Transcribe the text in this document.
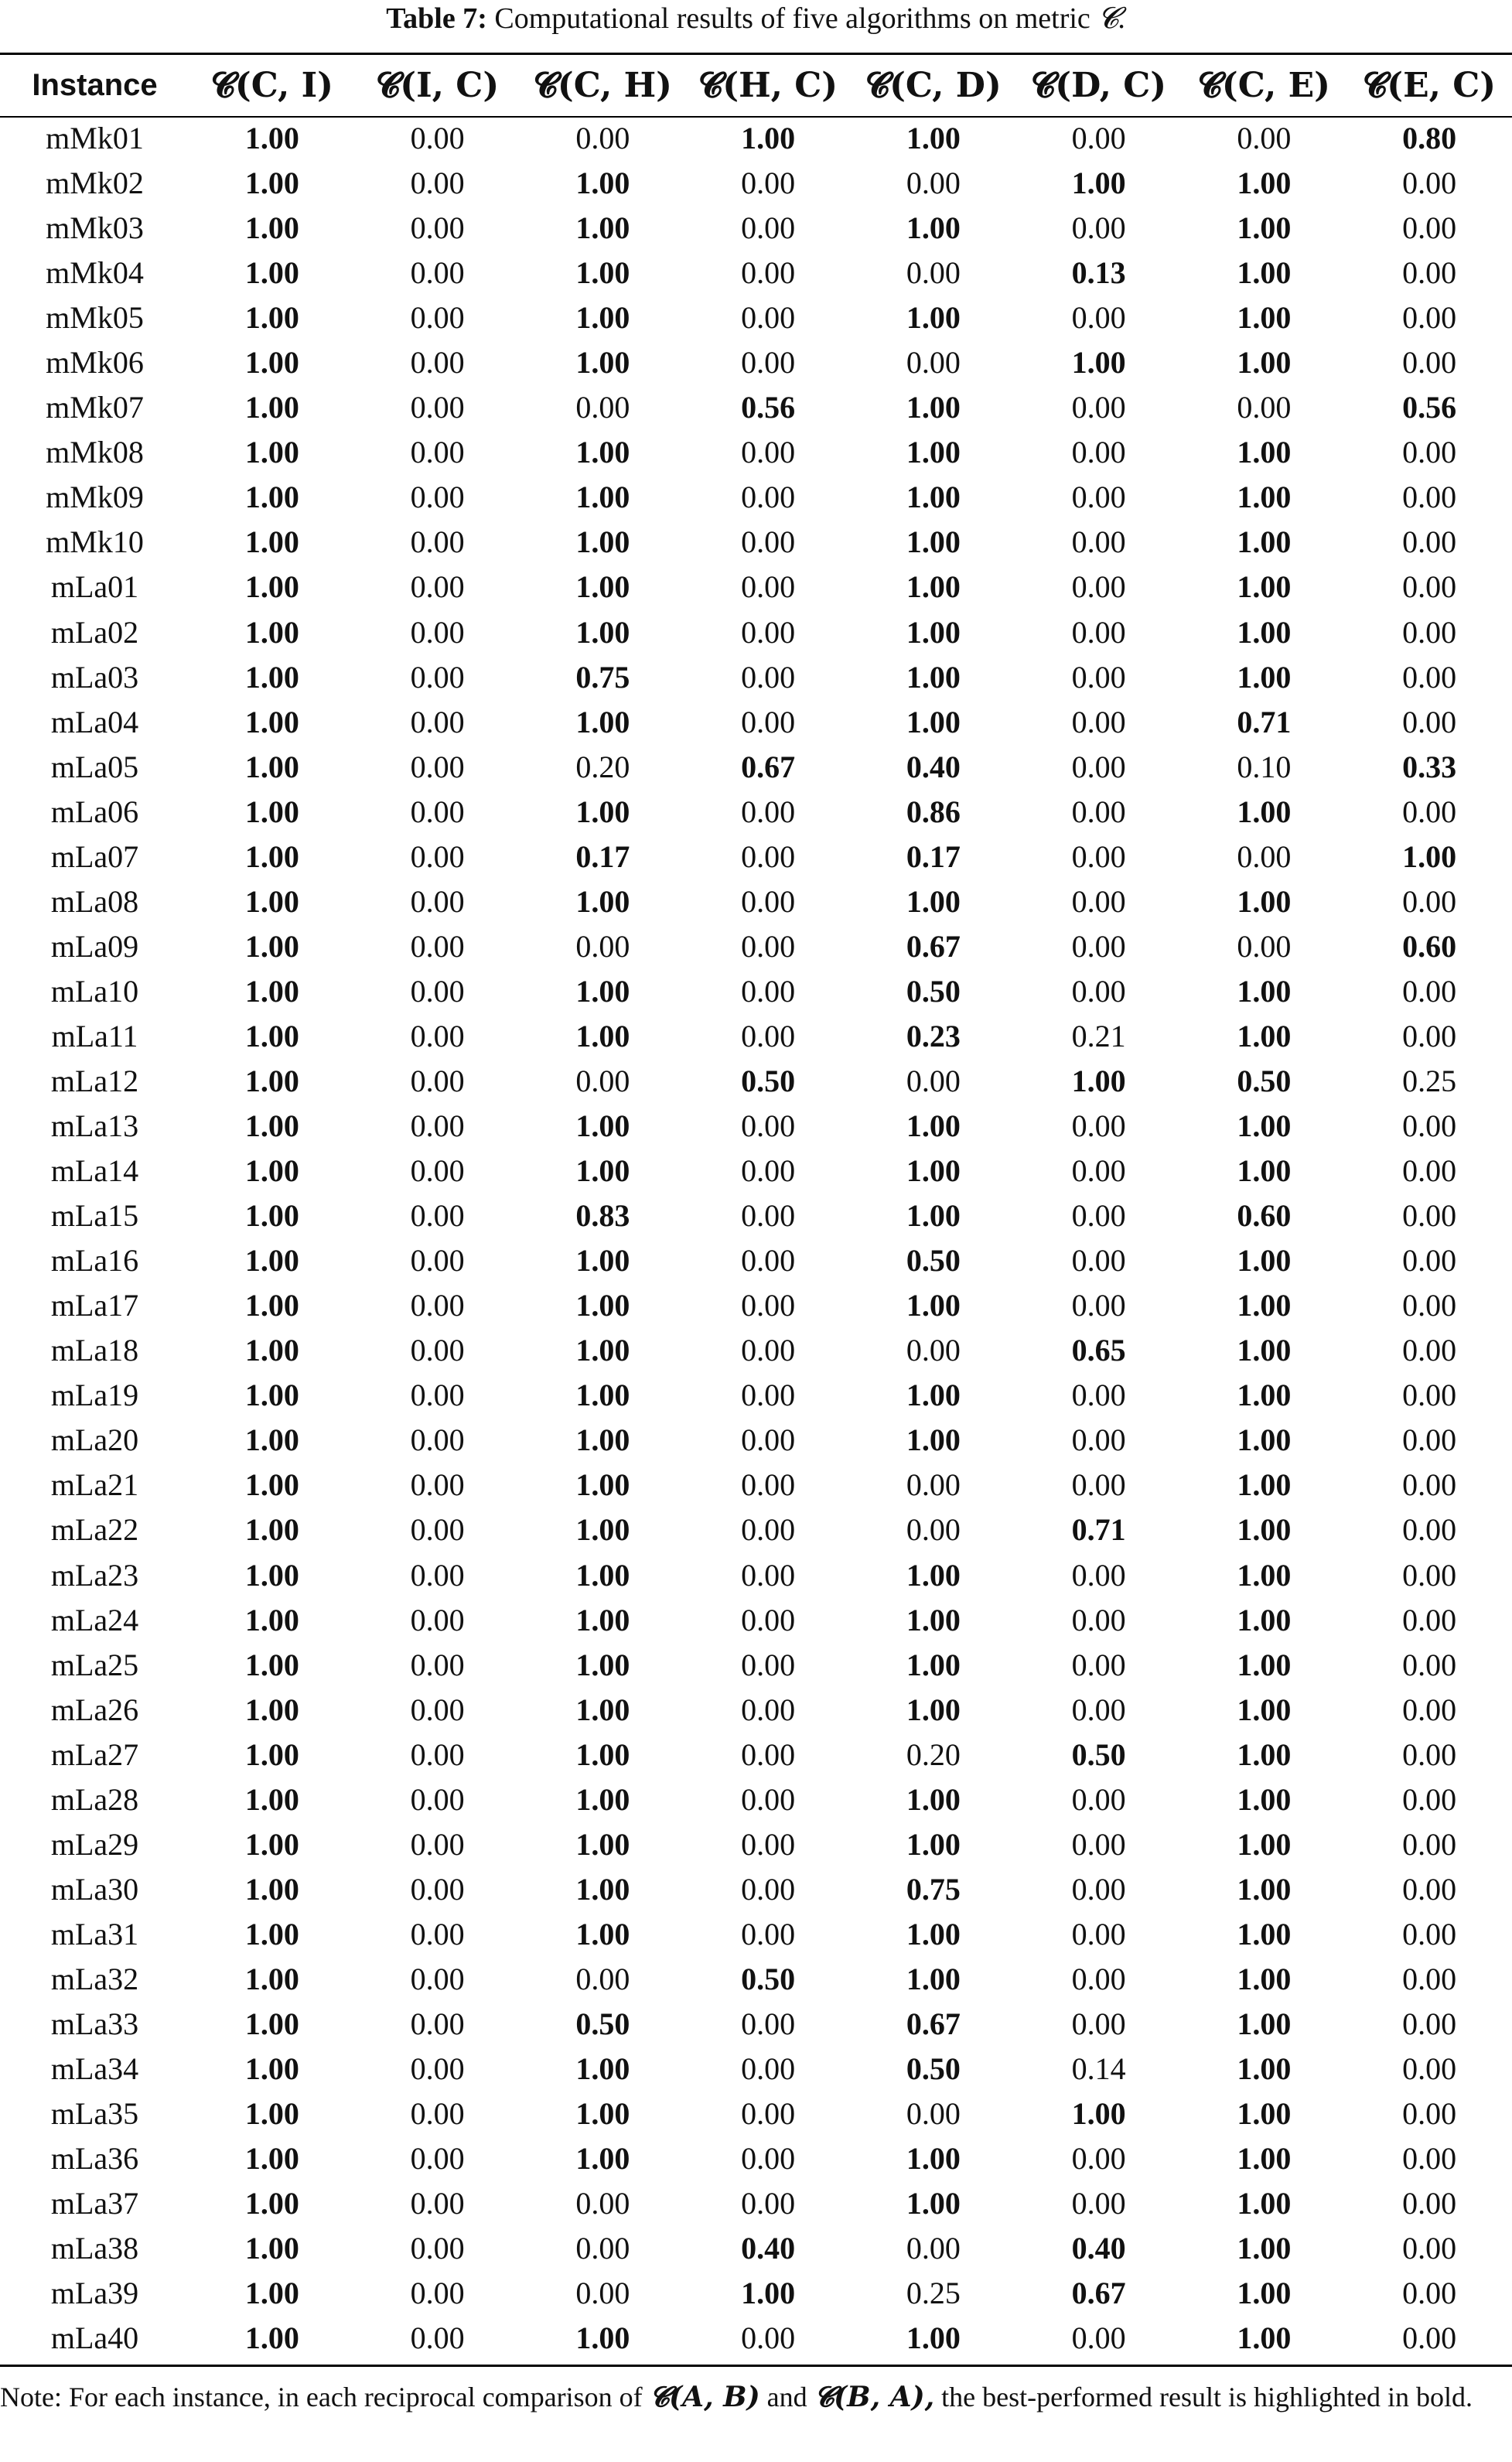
Table 7: Computational results of five algorithms on metric 𝓒.
Instance	𝓒(C, I)	𝓒(I, C)	𝓒(C, H)	𝓒(H, C)	𝓒(C, D)	𝓒(D, C)	𝓒(C, E)	𝓒(E, C)
mMk01	1.00	0.00	0.00	1.00	1.00	0.00	0.00	0.80
mMk02	1.00	0.00	1.00	0.00	0.00	1.00	1.00	0.00
mMk03	1.00	0.00	1.00	0.00	1.00	0.00	1.00	0.00
mMk04	1.00	0.00	1.00	0.00	0.00	0.13	1.00	0.00
mMk05	1.00	0.00	1.00	0.00	1.00	0.00	1.00	0.00
mMk06	1.00	0.00	1.00	0.00	0.00	1.00	1.00	0.00
mMk07	1.00	0.00	0.00	0.56	1.00	0.00	0.00	0.56
mMk08	1.00	0.00	1.00	0.00	1.00	0.00	1.00	0.00
mMk09	1.00	0.00	1.00	0.00	1.00	0.00	1.00	0.00
mMk10	1.00	0.00	1.00	0.00	1.00	0.00	1.00	0.00
mLa01	1.00	0.00	1.00	0.00	1.00	0.00	1.00	0.00
mLa02	1.00	0.00	1.00	0.00	1.00	0.00	1.00	0.00
mLa03	1.00	0.00	0.75	0.00	1.00	0.00	1.00	0.00
mLa04	1.00	0.00	1.00	0.00	1.00	0.00	0.71	0.00
mLa05	1.00	0.00	0.20	0.67	0.40	0.00	0.10	0.33
mLa06	1.00	0.00	1.00	0.00	0.86	0.00	1.00	0.00
mLa07	1.00	0.00	0.17	0.00	0.17	0.00	0.00	1.00
mLa08	1.00	0.00	1.00	0.00	1.00	0.00	1.00	0.00
mLa09	1.00	0.00	0.00	0.00	0.67	0.00	0.00	0.60
mLa10	1.00	0.00	1.00	0.00	0.50	0.00	1.00	0.00
mLa11	1.00	0.00	1.00	0.00	0.23	0.21	1.00	0.00
mLa12	1.00	0.00	0.00	0.50	0.00	1.00	0.50	0.25
mLa13	1.00	0.00	1.00	0.00	1.00	0.00	1.00	0.00
mLa14	1.00	0.00	1.00	0.00	1.00	0.00	1.00	0.00
mLa15	1.00	0.00	0.83	0.00	1.00	0.00	0.60	0.00
mLa16	1.00	0.00	1.00	0.00	0.50	0.00	1.00	0.00
mLa17	1.00	0.00	1.00	0.00	1.00	0.00	1.00	0.00
mLa18	1.00	0.00	1.00	0.00	0.00	0.65	1.00	0.00
mLa19	1.00	0.00	1.00	0.00	1.00	0.00	1.00	0.00
mLa20	1.00	0.00	1.00	0.00	1.00	0.00	1.00	0.00
mLa21	1.00	0.00	1.00	0.00	0.00	0.00	1.00	0.00
mLa22	1.00	0.00	1.00	0.00	0.00	0.71	1.00	0.00
mLa23	1.00	0.00	1.00	0.00	1.00	0.00	1.00	0.00
mLa24	1.00	0.00	1.00	0.00	1.00	0.00	1.00	0.00
mLa25	1.00	0.00	1.00	0.00	1.00	0.00	1.00	0.00
mLa26	1.00	0.00	1.00	0.00	1.00	0.00	1.00	0.00
mLa27	1.00	0.00	1.00	0.00	0.20	0.50	1.00	0.00
mLa28	1.00	0.00	1.00	0.00	1.00	0.00	1.00	0.00
mLa29	1.00	0.00	1.00	0.00	1.00	0.00	1.00	0.00
mLa30	1.00	0.00	1.00	0.00	0.75	0.00	1.00	0.00
mLa31	1.00	0.00	1.00	0.00	1.00	0.00	1.00	0.00
mLa32	1.00	0.00	0.00	0.50	1.00	0.00	1.00	0.00
mLa33	1.00	0.00	0.50	0.00	0.67	0.00	1.00	0.00
mLa34	1.00	0.00	1.00	0.00	0.50	0.14	1.00	0.00
mLa35	1.00	0.00	1.00	0.00	0.00	1.00	1.00	0.00
mLa36	1.00	0.00	1.00	0.00	1.00	0.00	1.00	0.00
mLa37	1.00	0.00	0.00	0.00	1.00	0.00	1.00	0.00
mLa38	1.00	0.00	0.00	0.40	0.00	0.40	1.00	0.00
mLa39	1.00	0.00	0.00	1.00	0.25	0.67	1.00	0.00
mLa40	1.00	0.00	1.00	0.00	1.00	0.00	1.00	0.00
Note: For each instance, in each reciprocal comparison of 𝓒(A, B) and 𝓒(B, A), the best-performed result is highlighted in bold.
